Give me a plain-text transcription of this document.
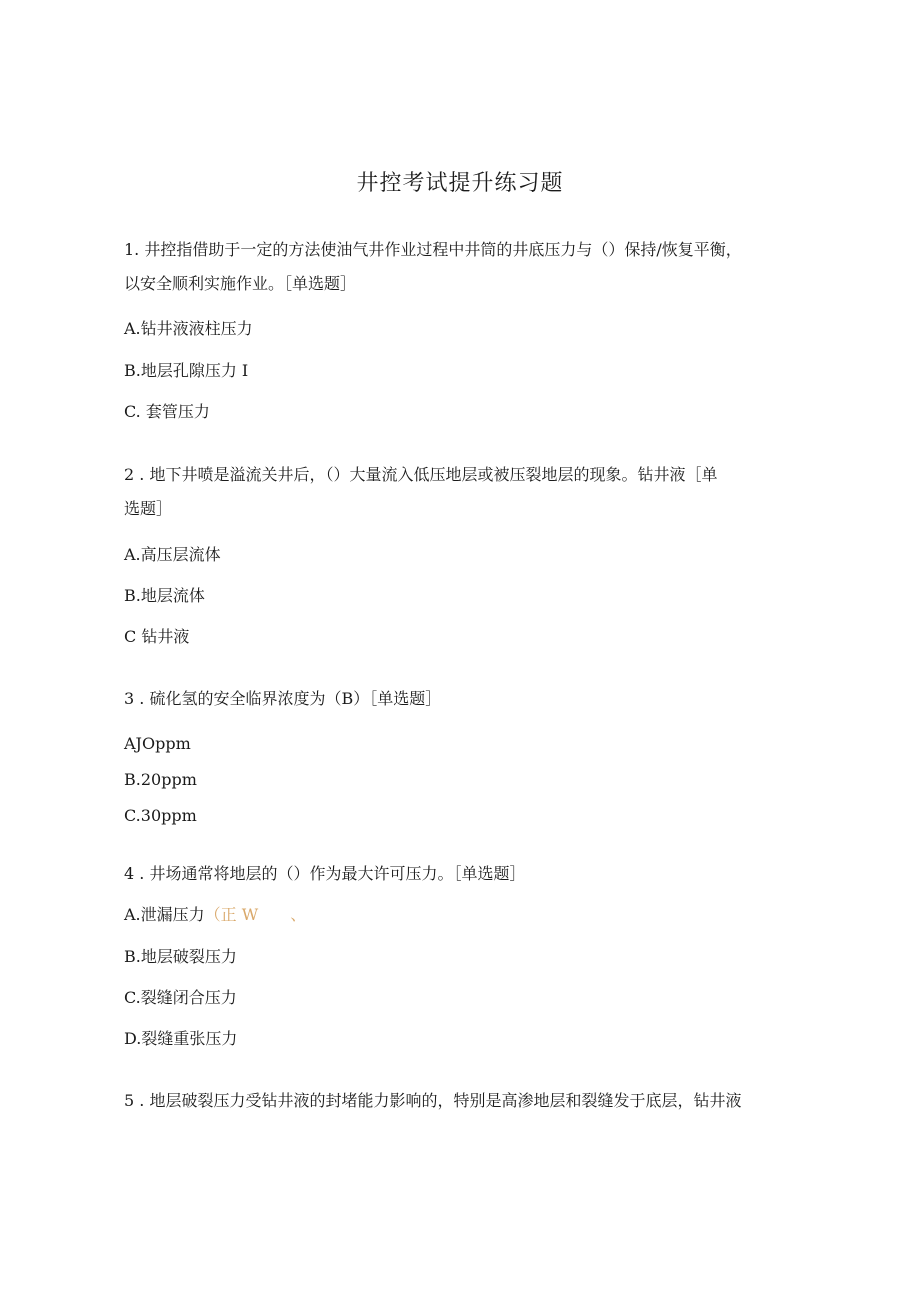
井控考试提升练习题
1. 井控指借助于一定的方法使油气井作业过程中井筒的井底压力与（）保持/恢复平衡，
以安全顺利实施作业。［单选题］
A.钻井液液柱压力
B.地层孔隙压力 I
C. 套管压力
2 . 地下井喷是溢流关井后，（）大量流入低压地层或被压裂地层的现象。钻井液［单
选题］
A.高压层流体
B.地层流体
C 钻井液
3 . 硫化氢的安全临界浓度为（B）［单选题］
AJOppm
B.20ppm
C.30ppm
4 . 井场通常将地层的（）作为最大许可压力。［单选题］
A.泄漏压力（正 W　　、
B.地层破裂压力
C.裂缝闭合压力
D.裂缝重张压力
5 . 地层破裂压力受钻井液的封堵能力影响的，特别是高渗地层和裂缝发于底层，钻井液
